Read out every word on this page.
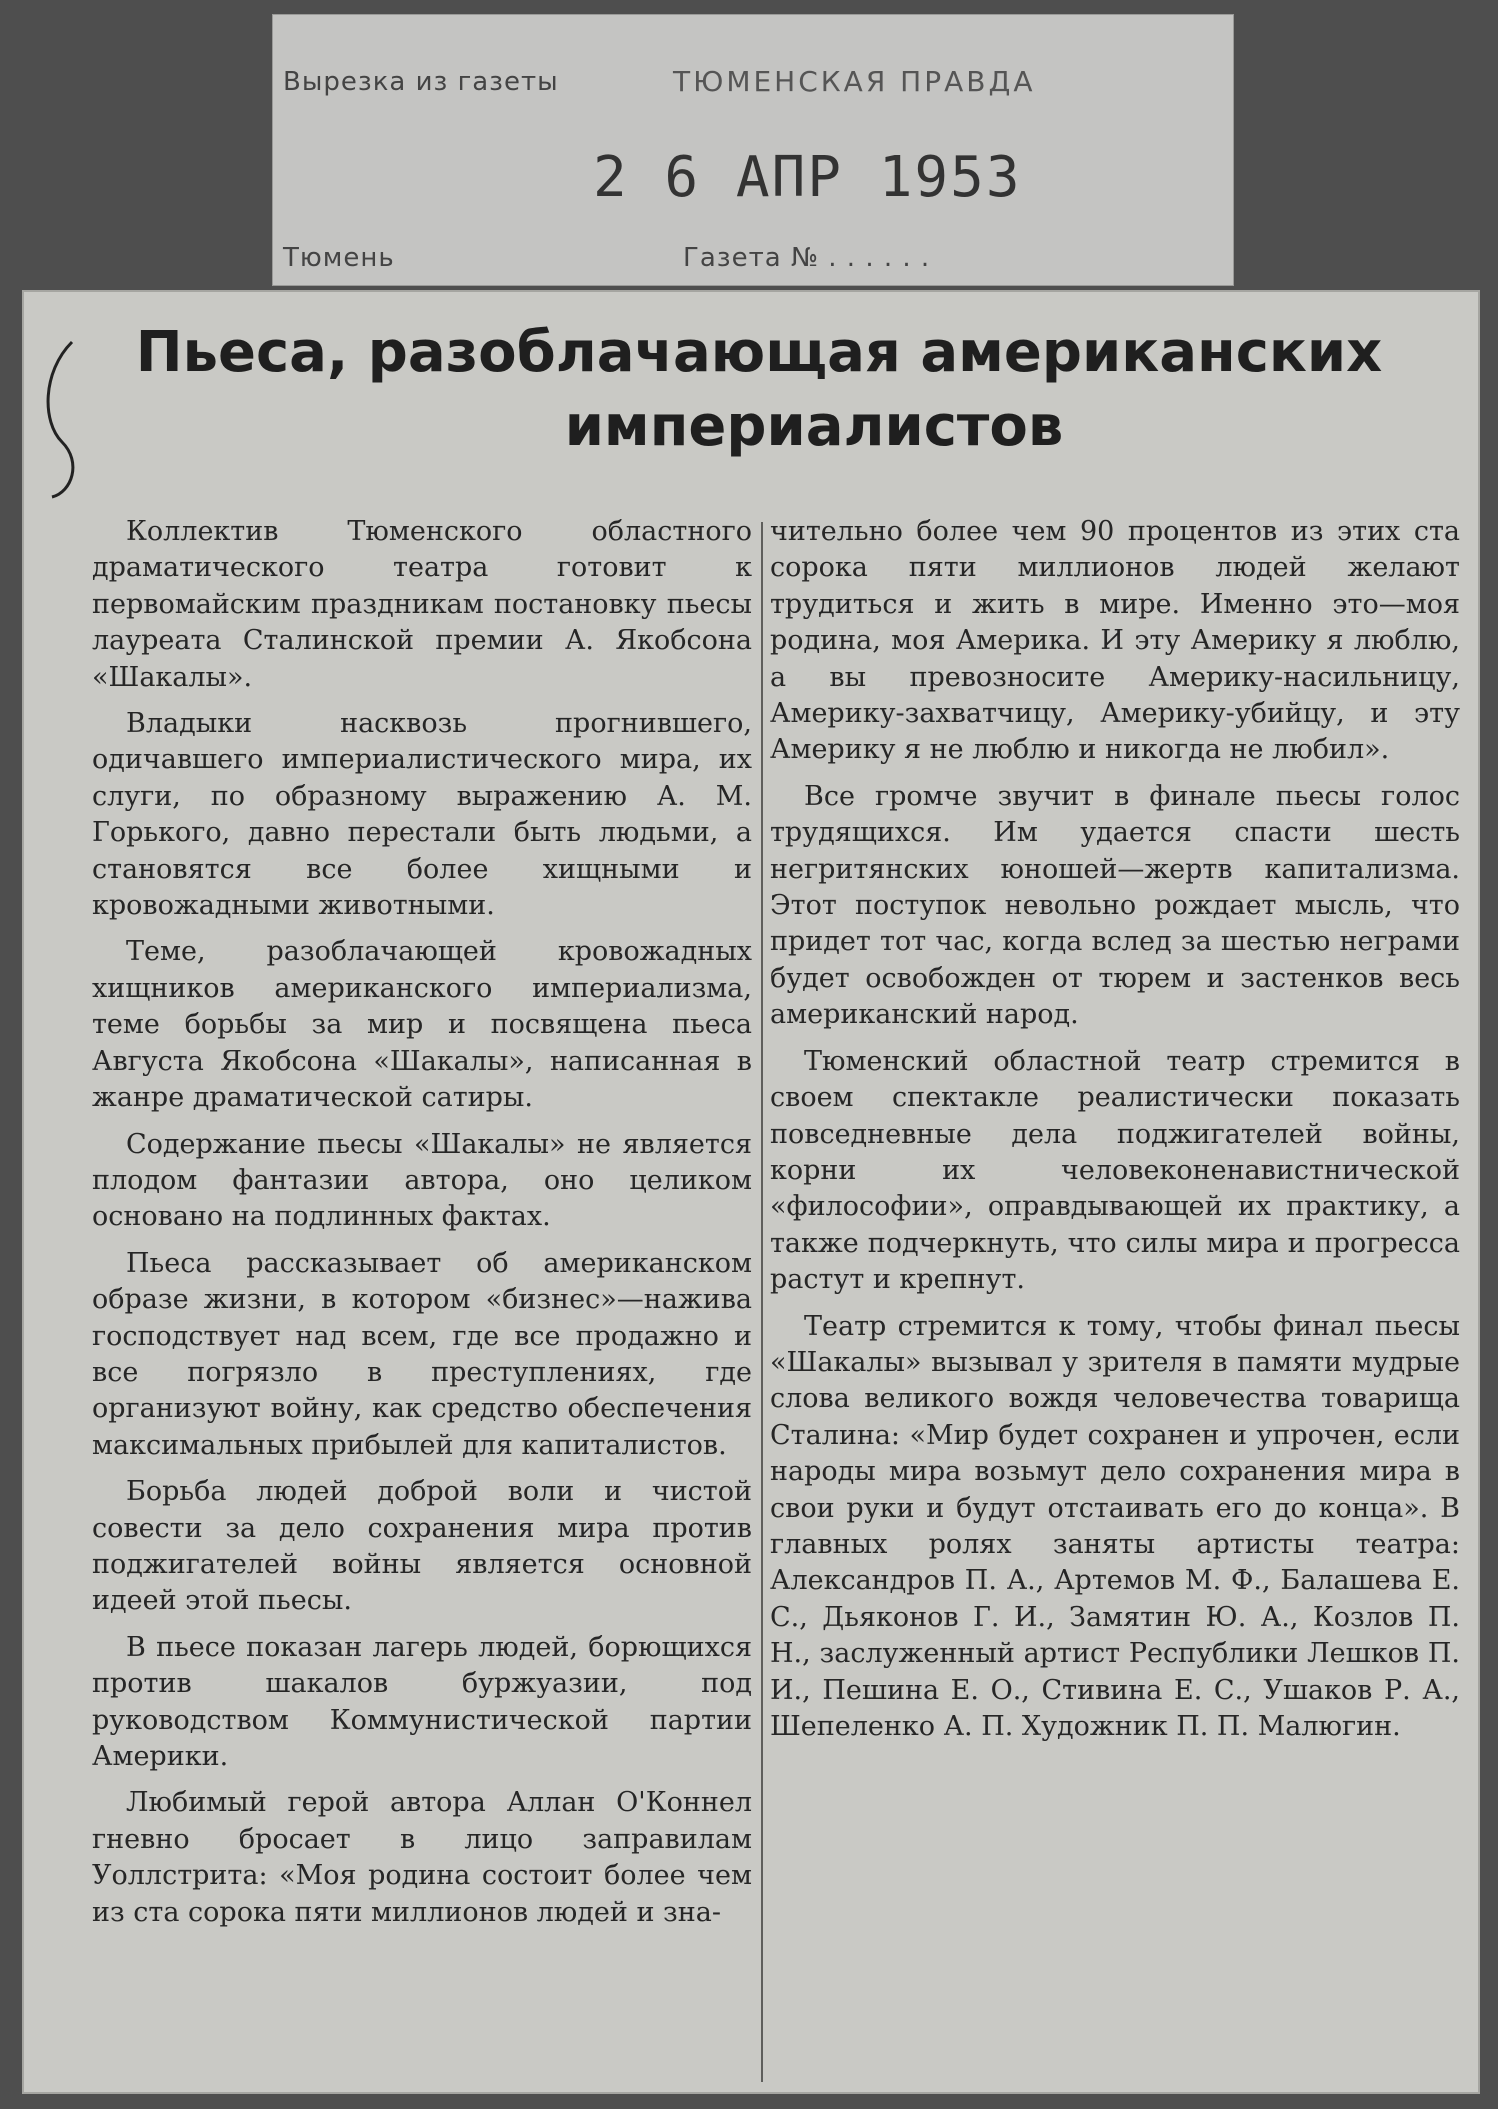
Вырезка из газеты	ТЮМЕНСКАЯ ПРАВДА
2 6 АПР 1953
Тюмень	Газета № . . . . . .
Пьеса, разоблачающая американских
империалистов

Коллектив Тюменского областного драматического театра готовит к первомайским праздникам постановку пьесы лауреата Сталинской премии А. Якобсона «Шакалы».

Владыки насквозь прогнившего, одичавшего империалистического мира, их слуги, по образному выражению А. М. Горького, давно перестали быть людьми, а становятся все более хищными и кровожадными животными.

Теме, разоблачающей кровожадных хищников американского империализма, теме борьбы за мир и посвящена пьеса Августа Якобсона «Шакалы», написанная в жанре драматической сатиры.

Содержание пьесы «Шакалы» не является плодом фантазии автора, оно целиком основано на подлинных фактах.

Пьеса рассказывает об американском образе жизни, в котором «бизнес»—нажива господствует над всем, где все продажно и все погрязло в преступлениях, где организуют войну, как средство обеспечения максимальных прибылей для капиталистов.

Борьба людей доброй воли и чистой совести за дело сохранения мира против поджигателей войны является основной идеей этой пьесы.

В пьесе показан лагерь людей, борющихся против шакалов буржуазии, под руководством Коммунистической партии Америки.

Любимый герой автора Аллан О'Коннел гневно бросает в лицо заправилам Уоллстрита: «Моя родина состоит более чем из ста сорока пяти миллионов людей и зна-

чительно более чем 90 процентов из этих ста сорока пяти миллионов людей желают трудиться и жить в мире. Именно это—моя родина, моя Америка. И эту Америку я люблю, а вы превозносите Америку-насильницу, Америку-захватчицу, Америку-убийцу, и эту Америку я не люблю и никогда не любил».

Все громче звучит в финале пьесы голос трудящихся. Им удается спасти шесть негритянских юношей—жертв капитализма. Этот поступок невольно рождает мысль, что придет тот час, когда вслед за шестью неграми будет освобожден от тюрем и застенков весь американский народ.

Тюменский областной театр стремится в своем спектакле реалистически показать повседневные дела поджигателей войны, корни их человеконенавистнической «философии», оправдывающей их практику, а также подчеркнуть, что силы мира и прогресса растут и крепнут.

Театр стремится к тому, чтобы финал пьесы «Шакалы» вызывал у зрителя в памяти мудрые слова великого вождя человечества товарища Сталина: «Мир будет сохранен и упрочен, если народы мира возьмут дело сохранения мира в свои руки и будут отстаивать его до конца». В главных ролях заняты артисты театра: Александров П. А., Артемов М. Ф., Балашева Е. С., Дьяконов Г. И., Замятин Ю. А., Козлов П. Н., заслуженный артист Республики Лешков П. И., Пешина Е. О., Стивина Е. С., Ушаков Р. А., Шепеленко А. П. Художник П. П. Малюгин.
